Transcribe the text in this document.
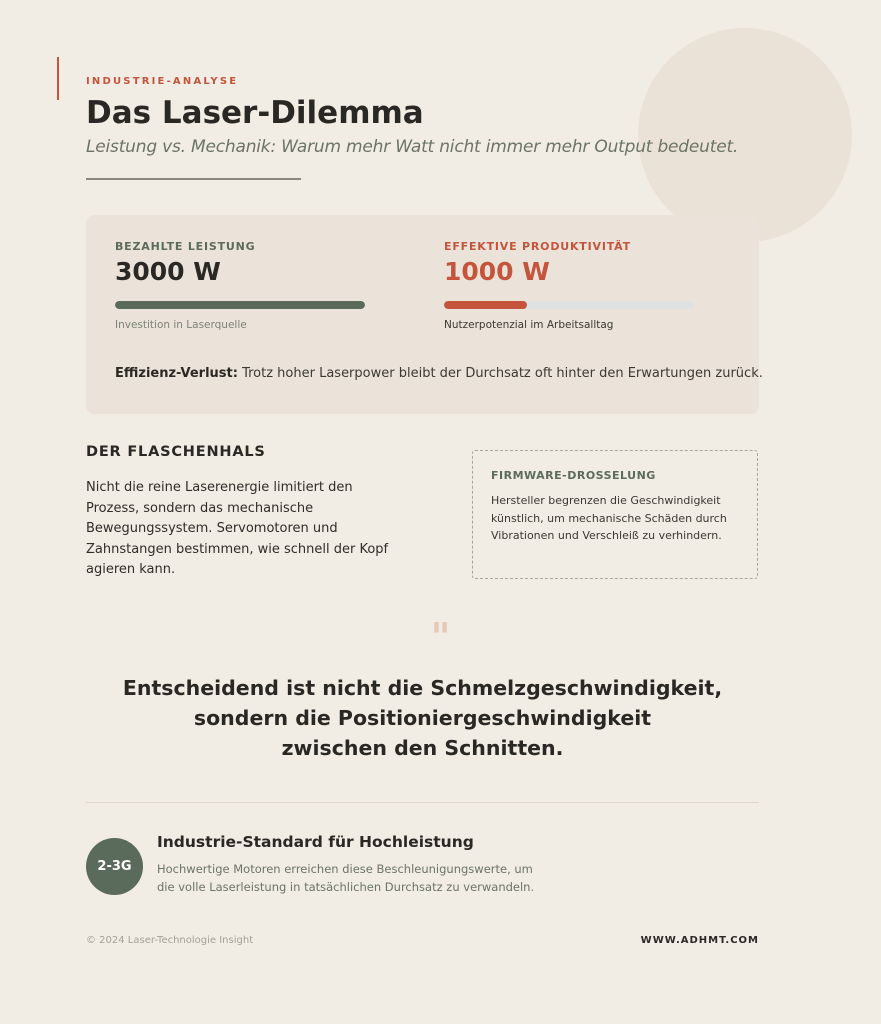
INDUSTRIE-ANALYSE
Das Laser-Dilemma
Leistung vs. Mechanik: Warum mehr Watt nicht immer mehr Output bedeutet.
BEZAHLTE LEISTUNG
3000 W
Investition in Laserquelle
EFFEKTIVE PRODUKTIVITÄT
1000 W
Nutzerpotenzial im Arbeitsalltag
Effizienz-Verlust: Trotz hoher Laserpower bleibt der Durchsatz oft hinter den Erwartungen zurück.
DER FLASCHENHALS
Nicht die reine Laserenergie limitiert den Prozess, sondern das mechanische Bewegungssystem. Servomotoren und Zahnstangen bestimmen, wie schnell der Kopf agieren kann.
FIRMWARE-DROSSELUNG
Hersteller begrenzen die Geschwindigkeit künstlich, um mechanische Schäden durch Vibrationen und Verschleiß zu verhindern.
"
Entscheidend ist nicht die Schmelzgeschwindigkeit,
sondern die Positioniergeschwindigkeit
zwischen den Schnitten.
2-3G
Industrie-Standard für Hochleistung
Hochwertige Motoren erreichen diese Beschleunigungswerte, um die volle Laserleistung in tatsächlichen Durchsatz zu verwandeln.
© 2024 Laser-Technologie Insight	WWW.ADHMT.COM
